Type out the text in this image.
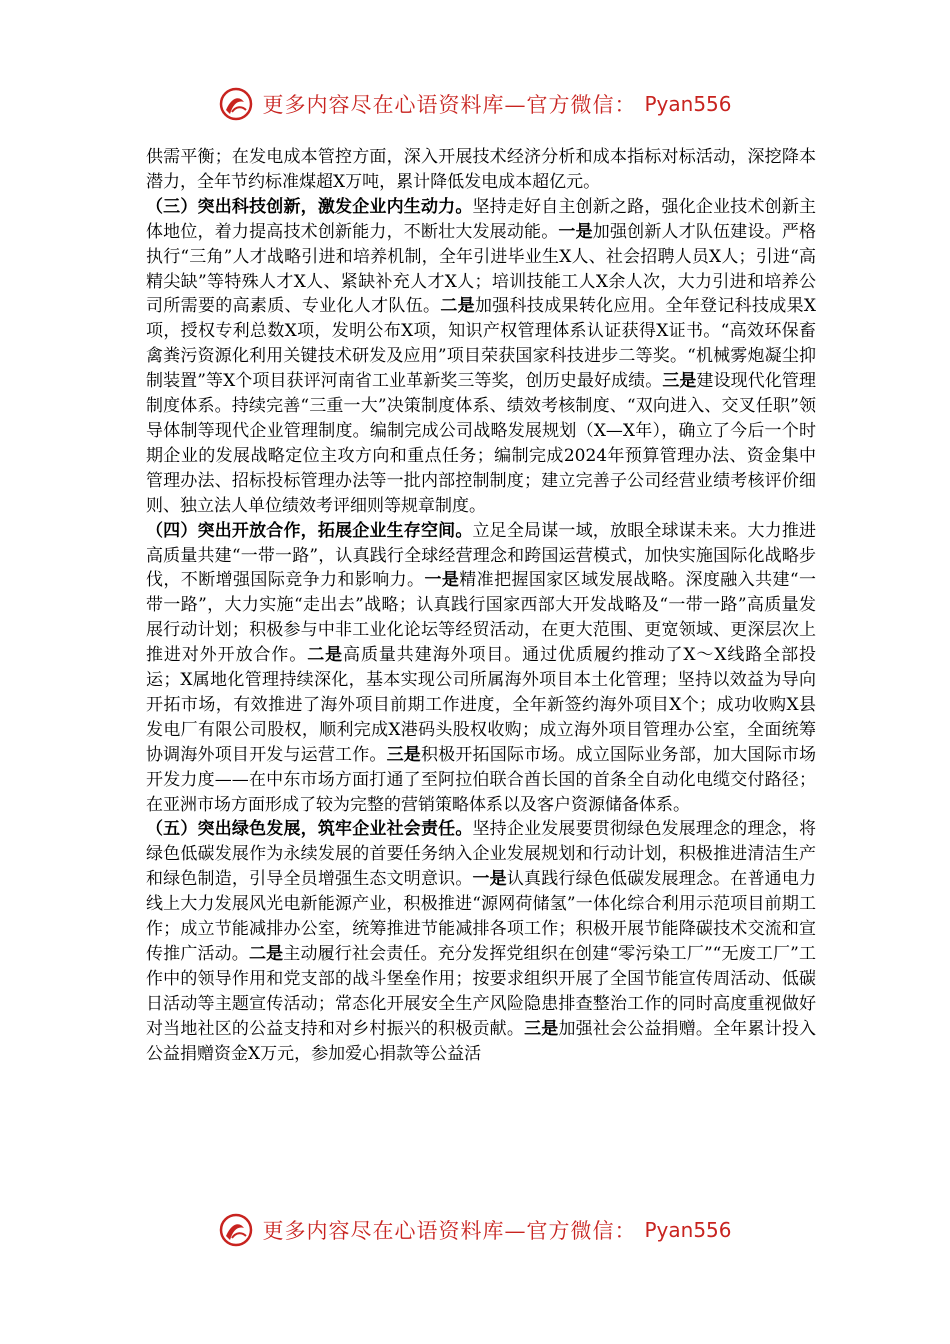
更多内容尽在心语资料库—官方微信： Pyan556

供需平衡；在发电成本管控方面，深入开展技术经济分析和成本指标对标活动，深挖降本潜力，全年节约标准煤超X万吨，累计降低发电成本超亿元。

（三）突出科技创新，激发企业内生动力。坚持走好自主创新之路，强化企业技术创新主体地位，着力提高技术创新能力，不断壮大发展动能。一是加强创新人才队伍建设。严格执行“三角”人才战略引进和培养机制，全年引进毕业生X人、社会招聘人员X人；引进“高精尖缺”等特殊人才X人、紧缺补充人才X人；培训技能工人X余人次，大力引进和培养公司所需要的高素质、专业化人才队伍。二是加强科技成果转化应用。全年登记科技成果X项，授权专利总数X项，发明公布X项，知识产权管理体系认证获得X证书。“高效环保畜禽粪污资源化利用关键技术研发及应用”项目荣获国家科技进步二等奖。“机械雾炮凝尘抑制装置”等X个项目获评河南省工业革新奖三等奖，创历史最好成绩。三是建设现代化管理制度体系。持续完善“三重一大”决策制度体系、绩效考核制度、“双向进入、交叉任职”领导体制等现代企业管理制度。编制完成公司战略发展规划（X—X年），确立了今后一个时期企业的发展战略定位主攻方向和重点任务；编制完成2024年预算管理办法、资金集中管理办法、招标投标管理办法等一批内部控制制度；建立完善子公司经营业绩考核评价细则、独立法人单位绩效考评细则等规章制度。

（四）突出开放合作，拓展企业生存空间。立足全局谋一域，放眼全球谋未来。大力推进高质量共建“一带一路”，认真践行全球经营理念和跨国运营模式，加快实施国际化战略步伐，不断增强国际竞争力和影响力。一是精准把握国家区域发展战略。深度融入共建“一带一路”，大力实施“走出去”战略；认真践行国家西部大开发战略及“一带一路”高质量发展行动计划；积极参与中非工业化论坛等经贸活动，在更大范围、更宽领域、更深层次上推进对外开放合作。二是高质量共建海外项目。通过优质履约推动了X～X线路全部投运；X属地化管理持续深化，基本实现公司所属海外项目本土化管理；坚持以效益为导向开拓市场，有效推进了海外项目前期工作进度，全年新签约海外项目X个；成功收购X县发电厂有限公司股权，顺利完成X港码头股权收购；成立海外项目管理办公室，全面统筹协调海外项目开发与运营工作。三是积极开拓国际市场。成立国际业务部，加大国际市场开发力度——在中东市场方面打通了至阿拉伯联合酋长国的首条全自动化电缆交付路径；在亚洲市场方面形成了较为完整的营销策略体系以及客户资源储备体系。

（五）突出绿色发展，筑牢企业社会责任。坚持企业发展要贯彻绿色发展理念的理念，将绿色低碳发展作为永续发展的首要任务纳入企业发展规划和行动计划，积极推进清洁生产和绿色制造，引导全员增强生态文明意识。一是认真践行绿色低碳发展理念。在普通电力线上大力发展风光电新能源产业，积极推进“源网荷储氢”一体化综合利用示范项目前期工作；成立节能减排办公室，统筹推进节能减排各项工作；积极开展节能降碳技术交流和宣传推广活动。二是主动履行社会责任。充分发挥党组织在创建“零污染工厂”“无废工厂”工作中的领导作用和党支部的战斗堡垒作用；按要求组织开展了全国节能宣传周活动、低碳日活动等主题宣传活动；常态化开展安全生产风险隐患排查整治工作的同时高度重视做好对当地社区的公益支持和对乡村振兴的积极贡献。三是加强社会公益捐赠。全年累计投入公益捐赠资金X万元，参加爱心捐款等公益活

更多内容尽在心语资料库—官方微信： Pyan556
